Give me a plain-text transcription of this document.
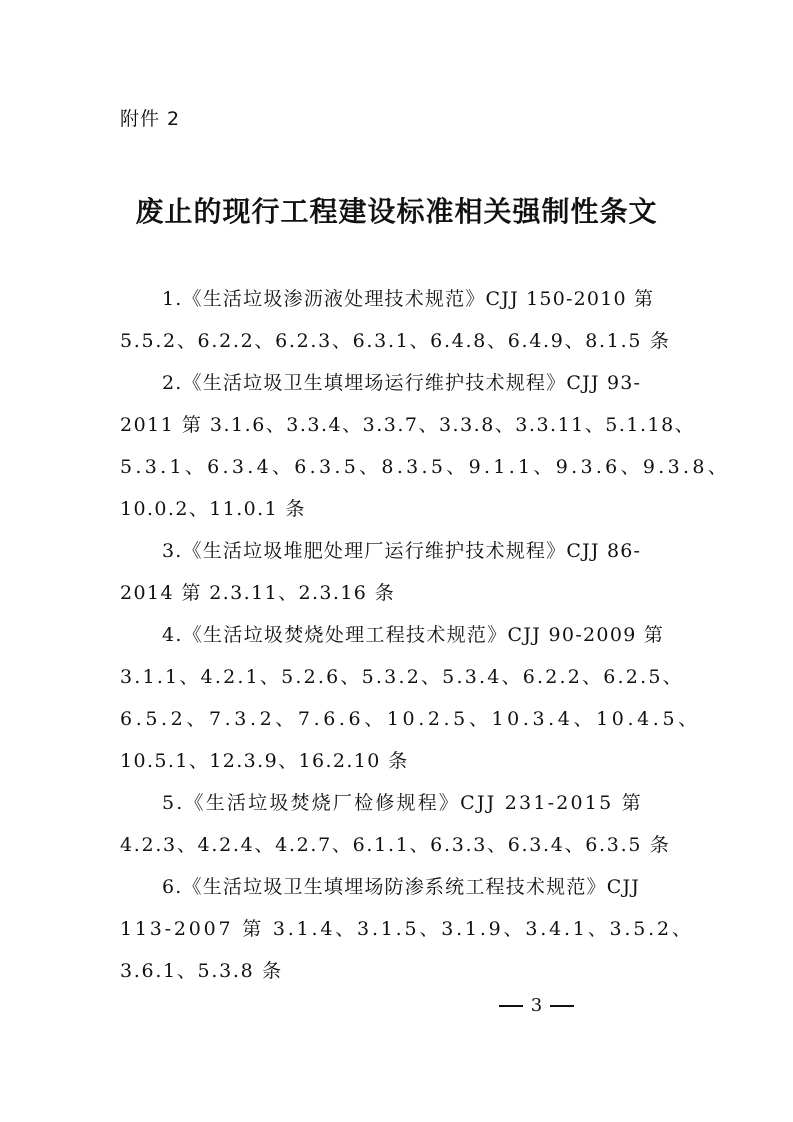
附件 2
废止的现行工程建设标准相关强制性条文
1.《生活垃圾渗沥液处理技术规范》CJJ 150-2010 第
5.5.2、6.2.2、6.2.3、6.3.1、6.4.8、6.4.9、8.1.5 条
2.《生活垃圾卫生填埋场运行维护技术规程》CJJ 93-
2011 第 3.1.6、3.3.4、3.3.7、3.3.8、3.3.11、5.1.18、
5.3.1、6.3.4、6.3.5、8.3.5、9.1.1、9.3.6、9.3.8、
10.0.2、11.0.1 条
3.《生活垃圾堆肥处理厂运行维护技术规程》CJJ 86-
2014 第 2.3.11、2.3.16 条
4.《生活垃圾焚烧处理工程技术规范》CJJ 90-2009 第
3.1.1、4.2.1、5.2.6、5.3.2、5.3.4、6.2.2、6.2.5、
6.5.2、7.3.2、7.6.6、10.2.5、10.3.4、10.4.5、
10.5.1、12.3.9、16.2.10 条
5.《生活垃圾焚烧厂检修规程》CJJ 231-2015 第
4.2.3、4.2.4、4.2.7、6.1.1、6.3.3、6.3.4、6.3.5 条
6.《生活垃圾卫生填埋场防渗系统工程技术规范》CJJ
113-2007 第 3.1.4、3.1.5、3.1.9、3.4.1、3.5.2、
3.6.1、5.3.8 条
3
